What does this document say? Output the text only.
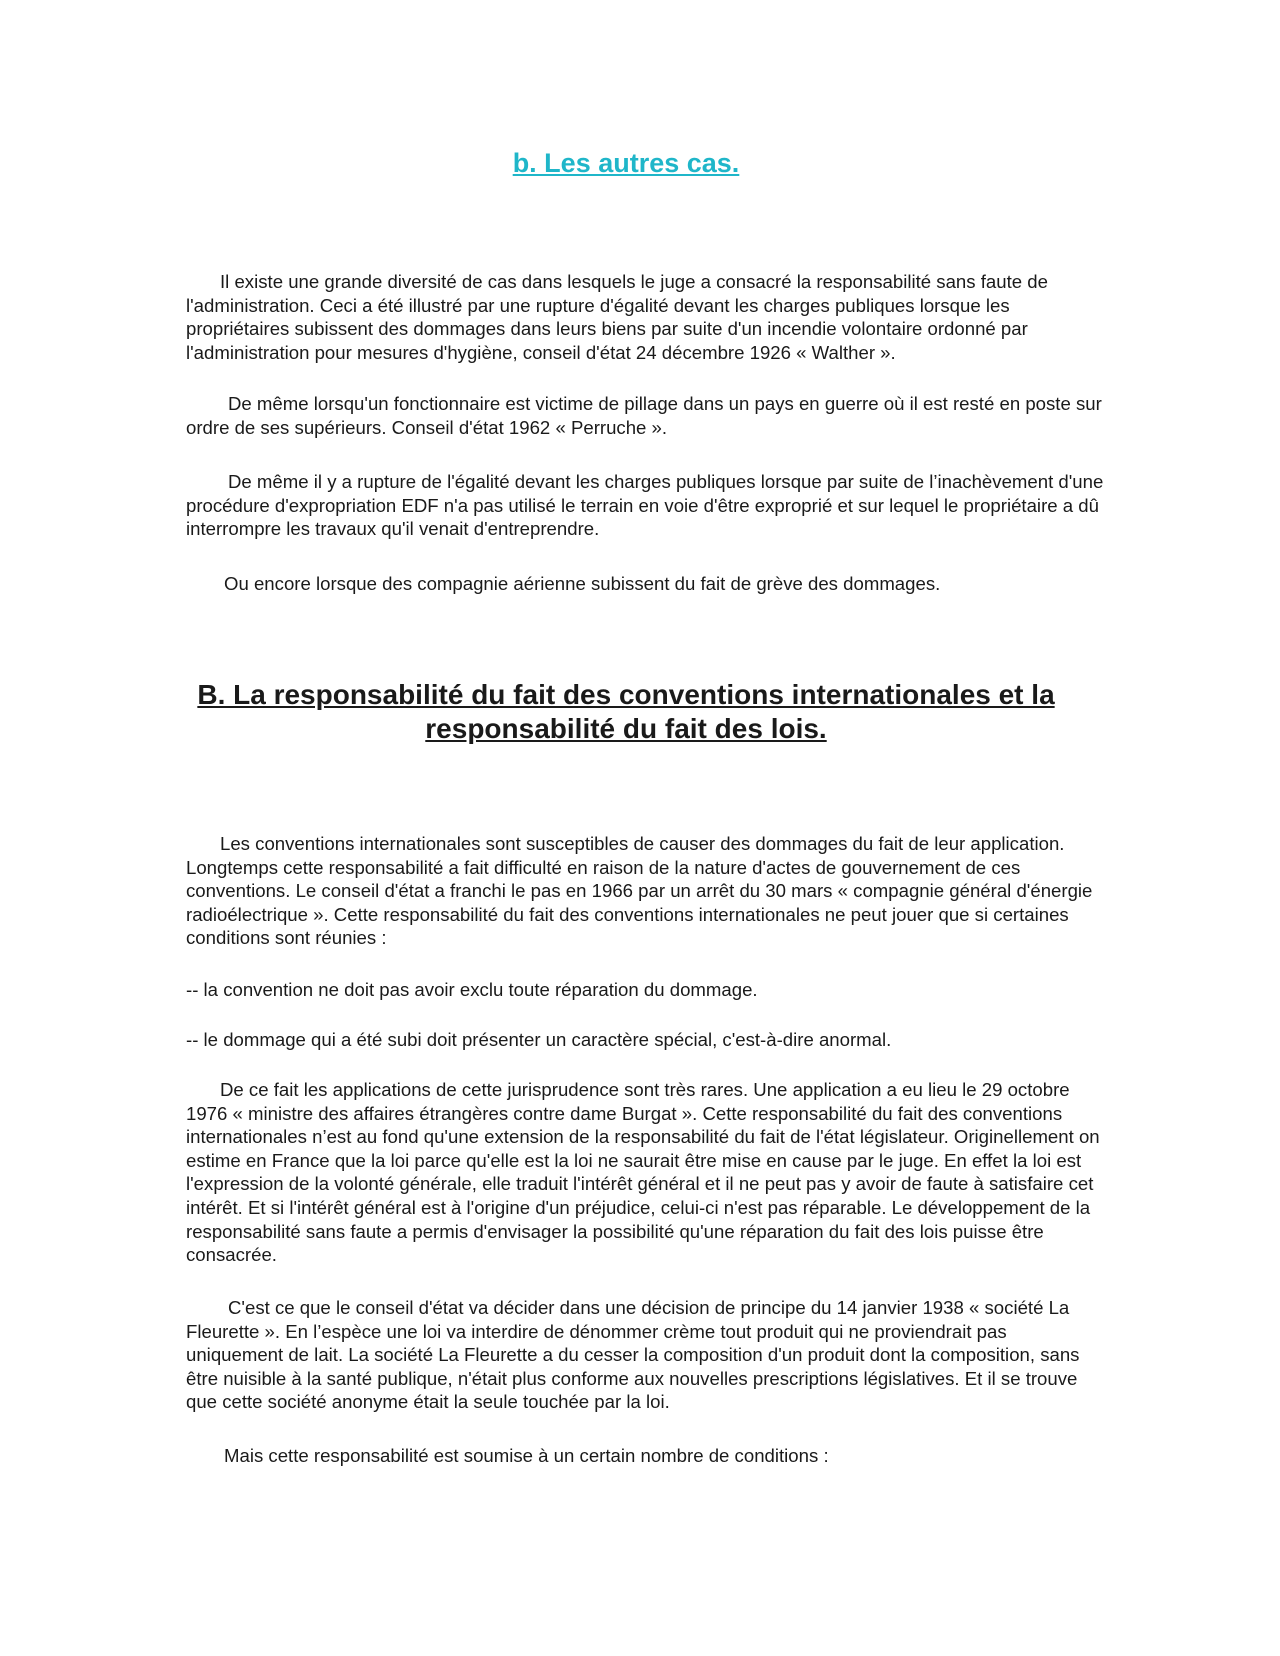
b. Les autres cas.

Il existe une grande diversité de cas dans lesquels le juge a consacré la responsabilité sans faute de l'administration. Ceci a été illustré par une rupture d'égalité devant les charges publiques lorsque les propriétaires subissent des dommages dans leurs biens par suite d'un incendie volontaire ordonné par l'administration pour mesures d'hygiène, conseil d'état 24 décembre 1926 « Walther ».

De même lorsqu'un fonctionnaire est victime de pillage dans un pays en guerre où il est resté en poste sur ordre de ses supérieurs. Conseil d'état 1962 « Perruche ».

De même il y a rupture de l'égalité devant les charges publiques lorsque par suite de l’inachèvement d'une procédure d'expropriation EDF n'a pas utilisé le terrain en voie d'être exproprié et sur lequel le propriétaire a dû interrompre les travaux qu'il venait d'entreprendre.

Ou encore lorsque des compagnie aérienne subissent du fait de grève des dommages.

B. La responsabilité du fait des conventions internationales et la responsabilité du fait des lois.

Les conventions internationales sont susceptibles de causer des dommages du fait de leur application. Longtemps cette responsabilité a fait difficulté en raison de la nature d'actes de gouvernement de ces conventions. Le conseil d'état a franchi le pas en 1966 par un arrêt du 30 mars « compagnie général d'énergie radioélectrique ». Cette responsabilité du fait des conventions internationales ne peut jouer que si certaines conditions sont réunies :

-- la convention ne doit pas avoir exclu toute réparation du dommage.

-- le dommage qui a été subi doit présenter un caractère spécial, c'est-à-dire anormal.

De ce fait les applications de cette jurisprudence sont très rares. Une application a eu lieu le 29 octobre 1976 « ministre des affaires étrangères contre dame Burgat ». Cette responsabilité du fait des conventions internationales n’est au fond qu'une extension de la responsabilité du fait de l'état législateur. Originellement on estime en France que la loi parce qu'elle est la loi ne saurait être mise en cause par le juge. En effet la loi est l'expression de la volonté générale, elle traduit l'intérêt général et il ne peut pas y avoir de faute à satisfaire cet intérêt. Et si l'intérêt général est à l'origine d'un préjudice, celui-ci n'est pas réparable. Le développement de la responsabilité sans faute a permis d'envisager la possibilité qu'une réparation du fait des lois puisse être consacrée.

C'est ce que le conseil d'état va décider dans une décision de principe du 14 janvier 1938 « société La Fleurette ». En l’espèce une loi va interdire de dénommer crème tout produit qui ne proviendrait pas uniquement de lait. La société La Fleurette a du cesser la composition d'un produit dont la composition, sans être nuisible à la santé publique, n'était plus conforme aux nouvelles prescriptions législatives. Et il se trouve que cette société anonyme était la seule touchée par la loi.

Mais cette responsabilité est soumise à un certain nombre de conditions :
